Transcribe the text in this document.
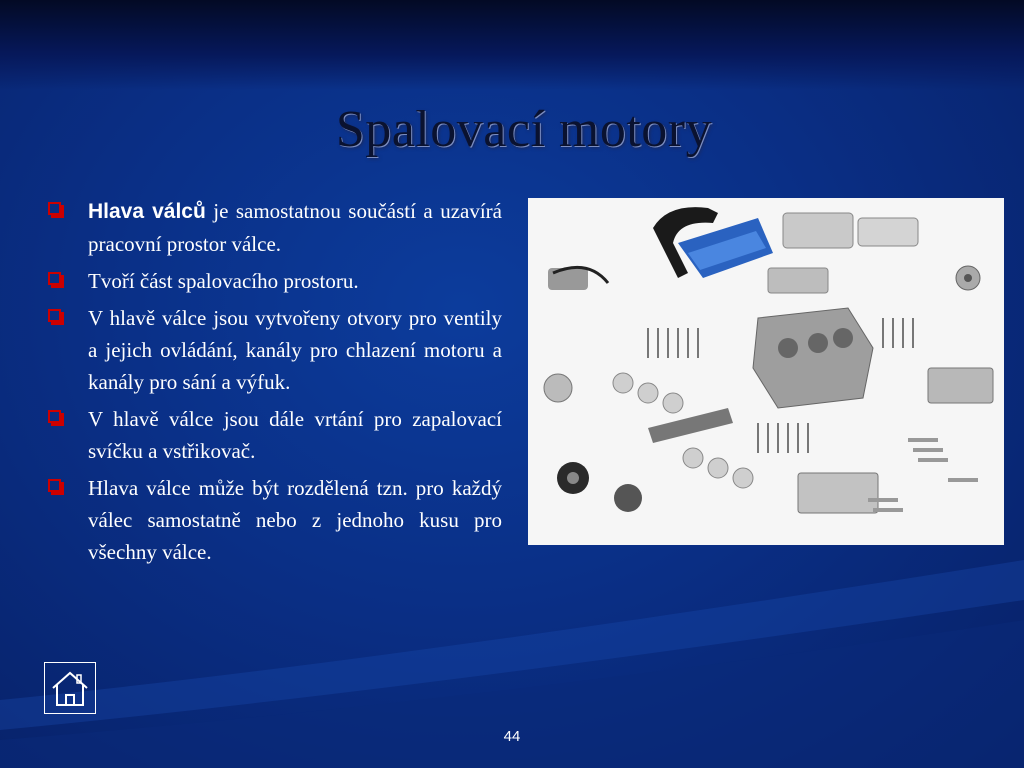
Spalovací motory
Hlava válců je samostatnou součástí a uzavírá pracovní prostor válce.
Tvoří část spalovacího prostoru.
V hlavě válce jsou vytvořeny otvory pro ventily a jejich ovládání, kanály pro chlazení motoru a kanály pro sání a výfuk.
V hlavě válce jsou dále vrtání pro zapalovací svíčku a vstřikovač.
Hlava válce může být rozdělená tzn. pro každý válec samostatně nebo z jednoho kusu pro všechny válce.
44
